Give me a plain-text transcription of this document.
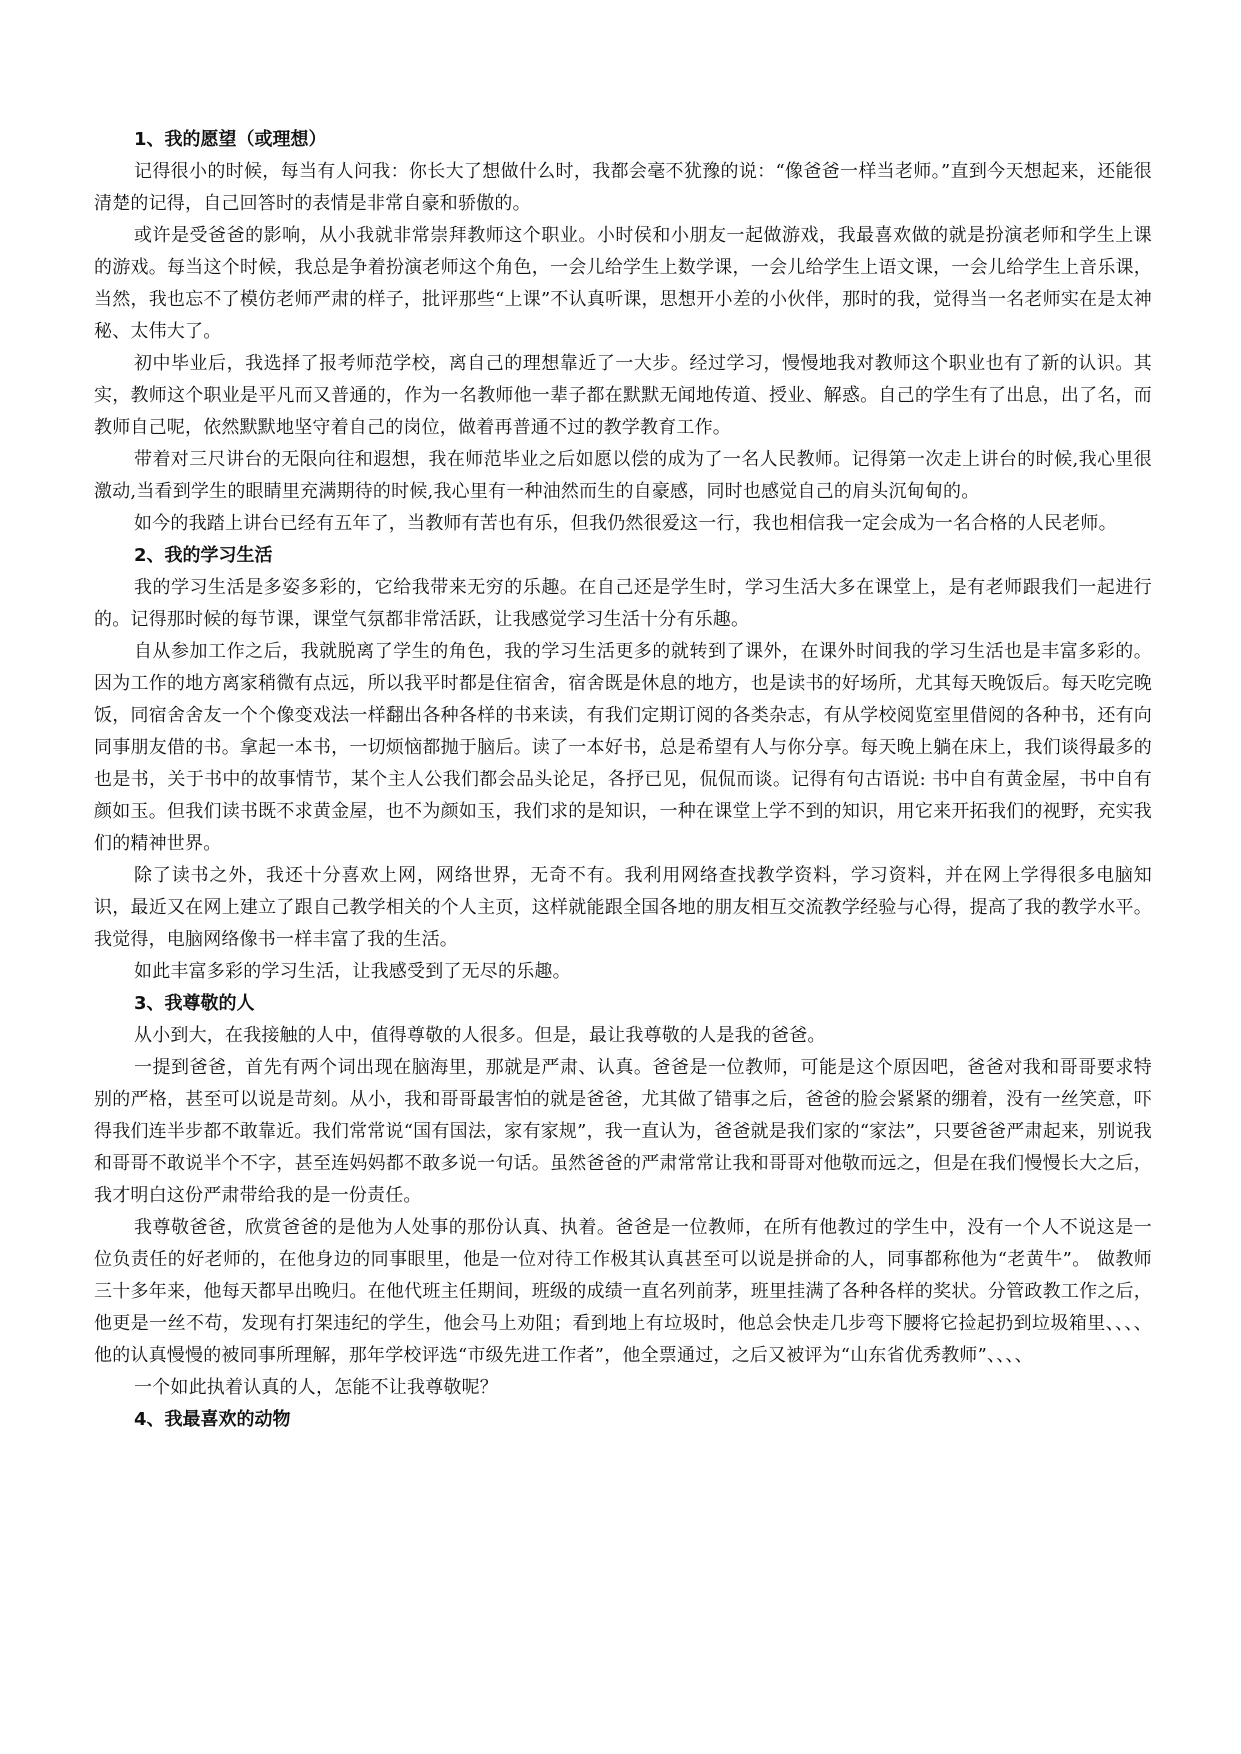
1、我的愿望（或理想）

记得很小的时候，每当有人问我：你长大了想做什么时，我都会毫不犹豫的说：“像爸爸一样当老师。”直到今天想起来，还能很清楚的记得，自己回答时的表情是非常自豪和骄傲的。

或许是受爸爸的影响，从小我就非常崇拜教师这个职业。小时侯和小朋友一起做游戏，我最喜欢做的就是扮演老师和学生上课的游戏。每当这个时候，我总是争着扮演老师这个角色，一会儿给学生上数学课，一会儿给学生上语文课，一会儿给学生上音乐课，当然，我也忘不了模仿老师严肃的样子，批评那些“上课”不认真听课，思想开小差的小伙伴，那时的我，觉得当一名老师实在是太神秘、太伟大了。

初中毕业后，我选择了报考师范学校，离自己的理想靠近了一大步。经过学习，慢慢地我对教师这个职业也有了新的认识。其实，教师这个职业是平凡而又普通的，作为一名教师他一辈子都在默默无闻地传道、授业、解惑。自己的学生有了出息，出了名，而教师自己呢，依然默默地坚守着自己的岗位，做着再普通不过的教学教育工作。

带着对三尺讲台的无限向往和遐想，我在师范毕业之后如愿以偿的成为了一名人民教师。记得第一次走上讲台的时候,我心里很激动,当看到学生的眼睛里充满期待的时候,我心里有一种油然而生的自豪感，同时也感觉自己的肩头沉甸甸的。

如今的我踏上讲台已经有五年了，当教师有苦也有乐，但我仍然很爱这一行，我也相信我一定会成为一名合格的人民老师。

2、我的学习生活

我的学习生活是多姿多彩的，它给我带来无穷的乐趣。在自己还是学生时，学习生活大多在课堂上，是有老师跟我们一起进行的。记得那时候的每节课，课堂气氛都非常活跃，让我感觉学习生活十分有乐趣。

自从参加工作之后，我就脱离了学生的角色，我的学习生活更多的就转到了课外，在课外时间我的学习生活也是丰富多彩的。因为工作的地方离家稍微有点远，所以我平时都是住宿舍，宿舍既是休息的地方，也是读书的好场所，尤其每天晚饭后。每天吃完晚饭，同宿舍舍友一个个像变戏法一样翻出各种各样的书来读，有我们定期订阅的各类杂志，有从学校阅览室里借阅的各种书，还有向同事朋友借的书。拿起一本书，一切烦恼都抛于脑后。读了一本好书，总是希望有人与你分享。每天晚上躺在床上，我们谈得最多的也是书，关于书中的故事情节，某个主人公我们都会品头论足，各抒已见，侃侃而谈。记得有句古语说: 书中自有黄金屋，书中自有颜如玉。但我们读书既不求黄金屋，也不为颜如玉，我们求的是知识，一种在课堂上学不到的知识，用它来开拓我们的视野，充实我们的精神世界。

除了读书之外，我还十分喜欢上网，网络世界，无奇不有。我利用网络查找教学资料，学习资料，并在网上学得很多电脑知识，最近又在网上建立了跟自己教学相关的个人主页，这样就能跟全国各地的朋友相互交流教学经验与心得，提高了我的教学水平。我觉得，电脑网络像书一样丰富了我的生活。

如此丰富多彩的学习生活，让我感受到了无尽的乐趣。

3、我尊敬的人

从小到大，在我接触的人中，值得尊敬的人很多。但是，最让我尊敬的人是我的爸爸。

一提到爸爸，首先有两个词出现在脑海里，那就是严肃、认真。爸爸是一位教师，可能是这个原因吧，爸爸对我和哥哥要求特别的严格，甚至可以说是苛刻。从小，我和哥哥最害怕的就是爸爸，尤其做了错事之后，爸爸的脸会紧紧的绷着，没有一丝笑意，吓得我们连半步都不敢靠近。我们常常说“国有国法，家有家规”，我一直认为，爸爸就是我们家的“家法”，只要爸爸严肃起来，别说我和哥哥不敢说半个不字，甚至连妈妈都不敢多说一句话。虽然爸爸的严肃常常让我和哥哥对他敬而远之，但是在我们慢慢长大之后，我才明白这份严肃带给我的是一份责任。

我尊敬爸爸，欣赏爸爸的是他为人处事的那份认真、执着。爸爸是一位教师，在所有他教过的学生中，没有一个人不说这是一位负责任的好老师的，在他身边的同事眼里，他是一位对待工作极其认真甚至可以说是拼命的人，同事都称他为“老黄牛”。 做教师三十多年来，他每天都早出晚归。在他代班主任期间，班级的成绩一直名列前茅，班里挂满了各种各样的奖状。分管政教工作之后，他更是一丝不苟，发现有打架违纪的学生，他会马上劝阻；看到地上有垃圾时，他总会快走几步弯下腰将它捡起扔到垃圾箱里、、、、他的认真慢慢的被同事所理解，那年学校评选“市级先进工作者”，他全票通过，之后又被评为“山东省优秀教师”、、、、

一个如此执着认真的人，怎能不让我尊敬呢？

4、我最喜欢的动物
